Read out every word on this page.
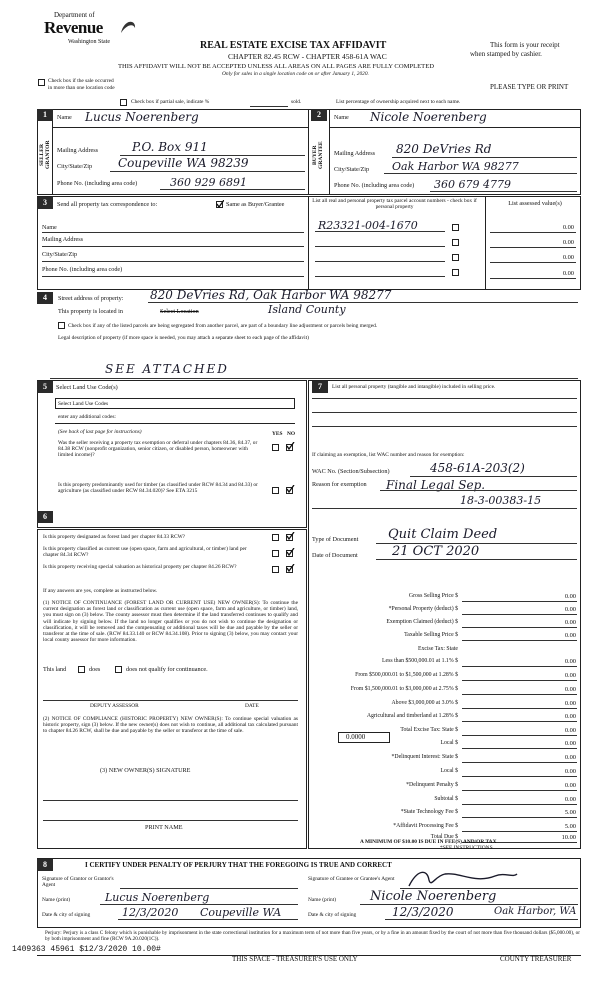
Department of
Revenue
Washington State	REAL ESTATE EXCISE TAX AFFIDAVIT
CHAPTER 82.45 RCW - CHAPTER 458-61A WAC
THIS AFFIDAVIT WILL NOT BE ACCEPTED UNLESS ALL AREAS ON ALL PAGES ARE FULLY COMPLETED
Only for sales in a single location code on or after January 1, 2020.
This form is your receipt
when stamped by cashier.
PLEASE TYPE OR PRINT
Check box if the sale occurred
in more than one location code
Check box if partial sale, indicate %	sold.	List percentage of ownership acquired next to each name.
SELLER GRANTOR	BUYER GRANTEE
1	2
Name Lucus Noerenberg
Mailing Address	P.O. Box 911
City/State/Zip Coupeville WA 98239
Phone No. (including area code)	360 929 6891
Name Nicole Noerenberg
Mailing Address 820 DeVries Rd
City/State/Zip Oak Harbor WA 98277
Phone No. (including area code) 360 679 4779
3	Send all property tax correspondence to:	Same as Buyer/Grantee	List all real and personal property tax parcel account numbers - check box if personal property
List assessed value(s)
Name
Mailing Address
City/State/Zip
Phone No. (including area code)
R23321-004-1670	0.00
0.00
0.00
0.00
4	Street address of property: 820 DeVries Rd, Oak Harbor WA 98277
This property is located in	Select Location	Island County
Check box if any of the listed parcels are being segregated from another parcel, are part of a boundary line adjustment or parcels being merged.
Legal description of property (if more space is needed, you may attach a separate sheet to each page of the affidavit)
SEE ATTACHED
5	Select Land Use Code(s)
Select Land Use Codes
enter any additional codes:
(See back of last page for instructions)	YES NO
Was the seller receiving a property tax exemption or deferral under chapters 84.36, 84.37, or 84.38 RCW (nonprofit organization, senior citizen, or disabled person, homeowner with limited income)?
Is this property predominantly used for timber (as classified under RCW 84.34 and 84.33) or agriculture (as classified under RCW 84.34.020)? See ETA 3215
6
Is this property designated as forest land per chapter 84.33 RCW?
Is this property classified as current use (open space, farm and agricultural, or timber) land per chapter 84.34 RCW?
Is this property receiving special valuation as historical property per chapter 84.26 RCW?
If any answers are yes, complete as instructed below.
(1) NOTICE OF CONTINUANCE (FOREST LAND OR CURRENT USE) NEW OWNER(S): To continue the current designation as forest land or classification as current use (open space, farm and agriculture, or timber) land, you must sign on (3) below. The county assessor must then determine if the land transferred continues to qualify and will indicate by signing below. If the land no longer qualifies or you do not wish to continue the designation or classification, it will be removed and the compensating or additional taxes will be due and payable by the seller or transferor at the time of sale. (RCW 84.33.140 or RCW 84.34.108). Prior to signing (3) below, you may contact your local county assessor for more information.
This land	does	does not qualify for continuance.
DEPUTY ASSESSOR	DATE
(2) NOTICE OF COMPLIANCE (HISTORIC PROPERTY) NEW OWNER(S): To continue special valuation as historic property, sign (3) below. If the new owner(s) does not wish to continue, all additional tax calculated pursuant to chapter 84.26 RCW, shall be due and payable by the seller or transferor at the time of sale.
(3) NEW OWNER(S) SIGNATURE
PRINT NAME
7	List all personal property (tangible and intangible) included in selling price.
If claiming an exemption, list WAC number and reason for exemption:
WAC No. (Section/Subsection)	458-61A-203(2)
Reason for exemption Final Legal Sep.
18-3-00383-15
Type of Document Quit Claim Deed
Date of Document	21 OCT 2020
Gross Selling Price $	0.00
*Personal Property (deduct) $	0.00
Exemption Claimed (deduct) $	0.00
Taxable Selling Price $	0.00
Excise Tax: State
Less than $500,000.01 at 1.1% $	0.00
From $500,000.01 to $1,500,000 at 1.28% $	0.00
From $1,500,000.01 to $3,000,000 at 2.75% $	0.00
Above $3,000,000 at 3.0% $	0.00
Agricultural and timberland at 1.28% $	0.00
Total Excise Tax: State $	0.00
Local $	0.00
*Delinquent Interest: State $	0.00
Local $	0.00
*Delinquent Penalty $	0.00
Subtotal $	0.00
*State Technology Fee $	5.00
*Affidavit Processing Fee $	5.00
Total Due $	10.00
0.0000
A MINIMUM OF $10.00 IS DUE IN FEE(S) AND/OR TAX
*SEE INSTRUCTIONS
8	I CERTIFY UNDER PENALTY OF PERJURY THAT THE FOREGOING IS TRUE AND CORRECT
Signature of Grantor or Grantor's Agent
Signature of Grantee or Grantee's Agent
Name (print)	Lucus Noerenberg	Name (print)	Nicole Noerenberg
Date & city of signing	12/3/2020 Coupeville WA	Date & city of signing	12/3/2020	Oak Harbor, WA
Perjury: Perjury is a class C felony which is punishable by imprisonment in the state correctional institution for a maximum term of not more than five years, or by a fine in an amount fixed by the court of not more than five thousand dollars ($5,000.00), or by both imprisonment and fine (RCW 9A.20.020(1C)).
1409363 45961 $12/3/2020 10.00#
THIS SPACE - TREASURER'S USE ONLY	COUNTY TREASURER
